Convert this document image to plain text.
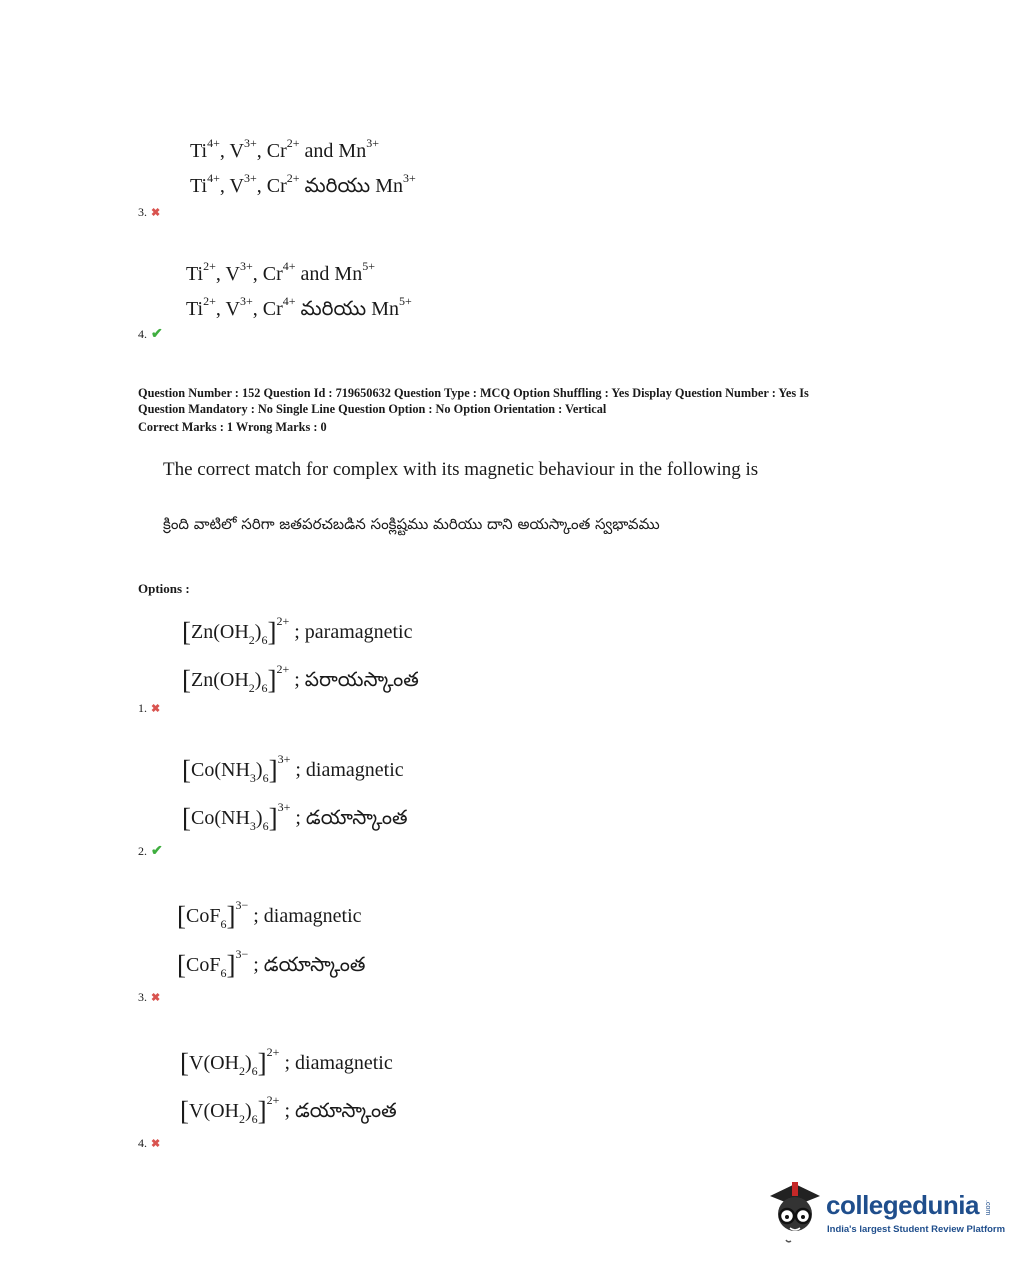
$Ti^{4+}$, $V^{3+}$, $Cr^{2+}$ and $Mn^{3+}$
$Ti^{4+}$, $V^{3+}$, $Cr^{2+}$ మరియు $Mn^{3+}$
3. ✖
$Ti^{2+}$, $V^{3+}$, $Cr^{4+}$ and $Mn^{5+}$
$Ti^{2+}$, $V^{3+}$, $Cr^{4+}$ మరియు $Mn^{5+}$
4. ✔
Question Number : 152 Question Id : 719650632 Question Type : MCQ Option Shuffling : Yes Display Question Number : Yes Is
Question Mandatory : No Single Line Question Option : No Option Orientation : Vertical
Correct Marks : 1 Wrong Marks : 0
The correct match for complex with its magnetic behaviour in the following is
క్రింది వాటిలో సరిగా జతపరచబడిన సంక్లిష్టము మరియు దాని అయస్కాంత స్వభావము
Options :
$[Zn(OH_2)_6]^{2+}$ ; paramagnetic
$[Zn(OH_2)_6]^{2+}$ ; పరాయస్కాంత
1. ✖
$[Co(NH_3)_6]^{3+}$ ; diamagnetic
$[Co(NH_3)_6]^{3+}$ ; డయాస్కాంత
2. ✔
$[CoF_6]^{3-}$ ; diamagnetic
$[CoF_6]^{3-}$ ; డయాస్కాంత
3. ✖
$[V(OH_2)_6]^{2+}$ ; diamagnetic
$[V(OH_2)_6]^{2+}$ ; డయాస్కాంత
4. ✖
collegedunia .com
India's largest Student Review Platform
